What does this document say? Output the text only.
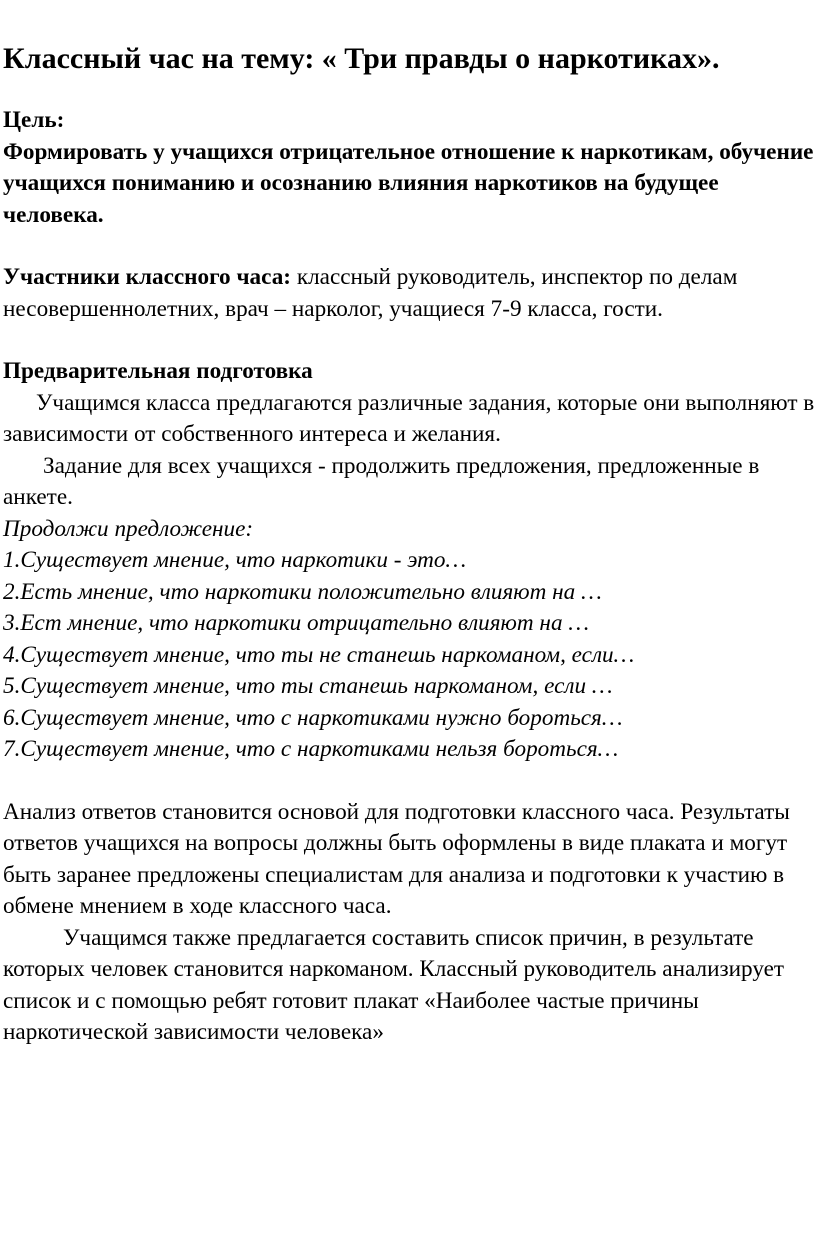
Классный час на тему: « Три правды о наркотиках».

Цель:

Формировать у учащихся отрицательное отношение к наркотикам, обучение учащихся пониманию и осознанию влияния наркотиков на будущее человека.

Участники классного часа: классный руководитель, инспектор по делам несовершеннолетних, врач – нарколог, учащиеся 7-9 класса, гости.

Предварительная подготовка

Учащимся класса предлагаются различные задания, которые они выполняют в зависимости от собственного интереса и желания.

Задание для всех учащихся - продолжить предложения, предложенные в анкете.

Продолжи предложение:

1.Существует мнение, что наркотики - это…

2.Есть мнение, что наркотики положительно влияют на …

3.Ест мнение, что наркотики отрицательно влияют на …

4.Существует мнение, что ты не станешь наркоманом, если…

5.Существует мнение, что ты станешь наркоманом, если …

6.Существует мнение, что с наркотиками нужно бороться…

7.Существует мнение, что с наркотиками нельзя бороться…

Анализ ответов становится основой для подготовки классного часа. Результаты ответов учащихся на вопросы должны быть оформлены в виде плаката и могут быть заранее предложены специалистам для анализа и подготовки к участию в обмене мнением в ходе классного часа.

Учащимся также предлагается составить список причин, в результате которых человек становится наркоманом. Классный руководитель анализирует список и с помощью ребят готовит плакат «Наиболее частые причины наркотической зависимости человека»
